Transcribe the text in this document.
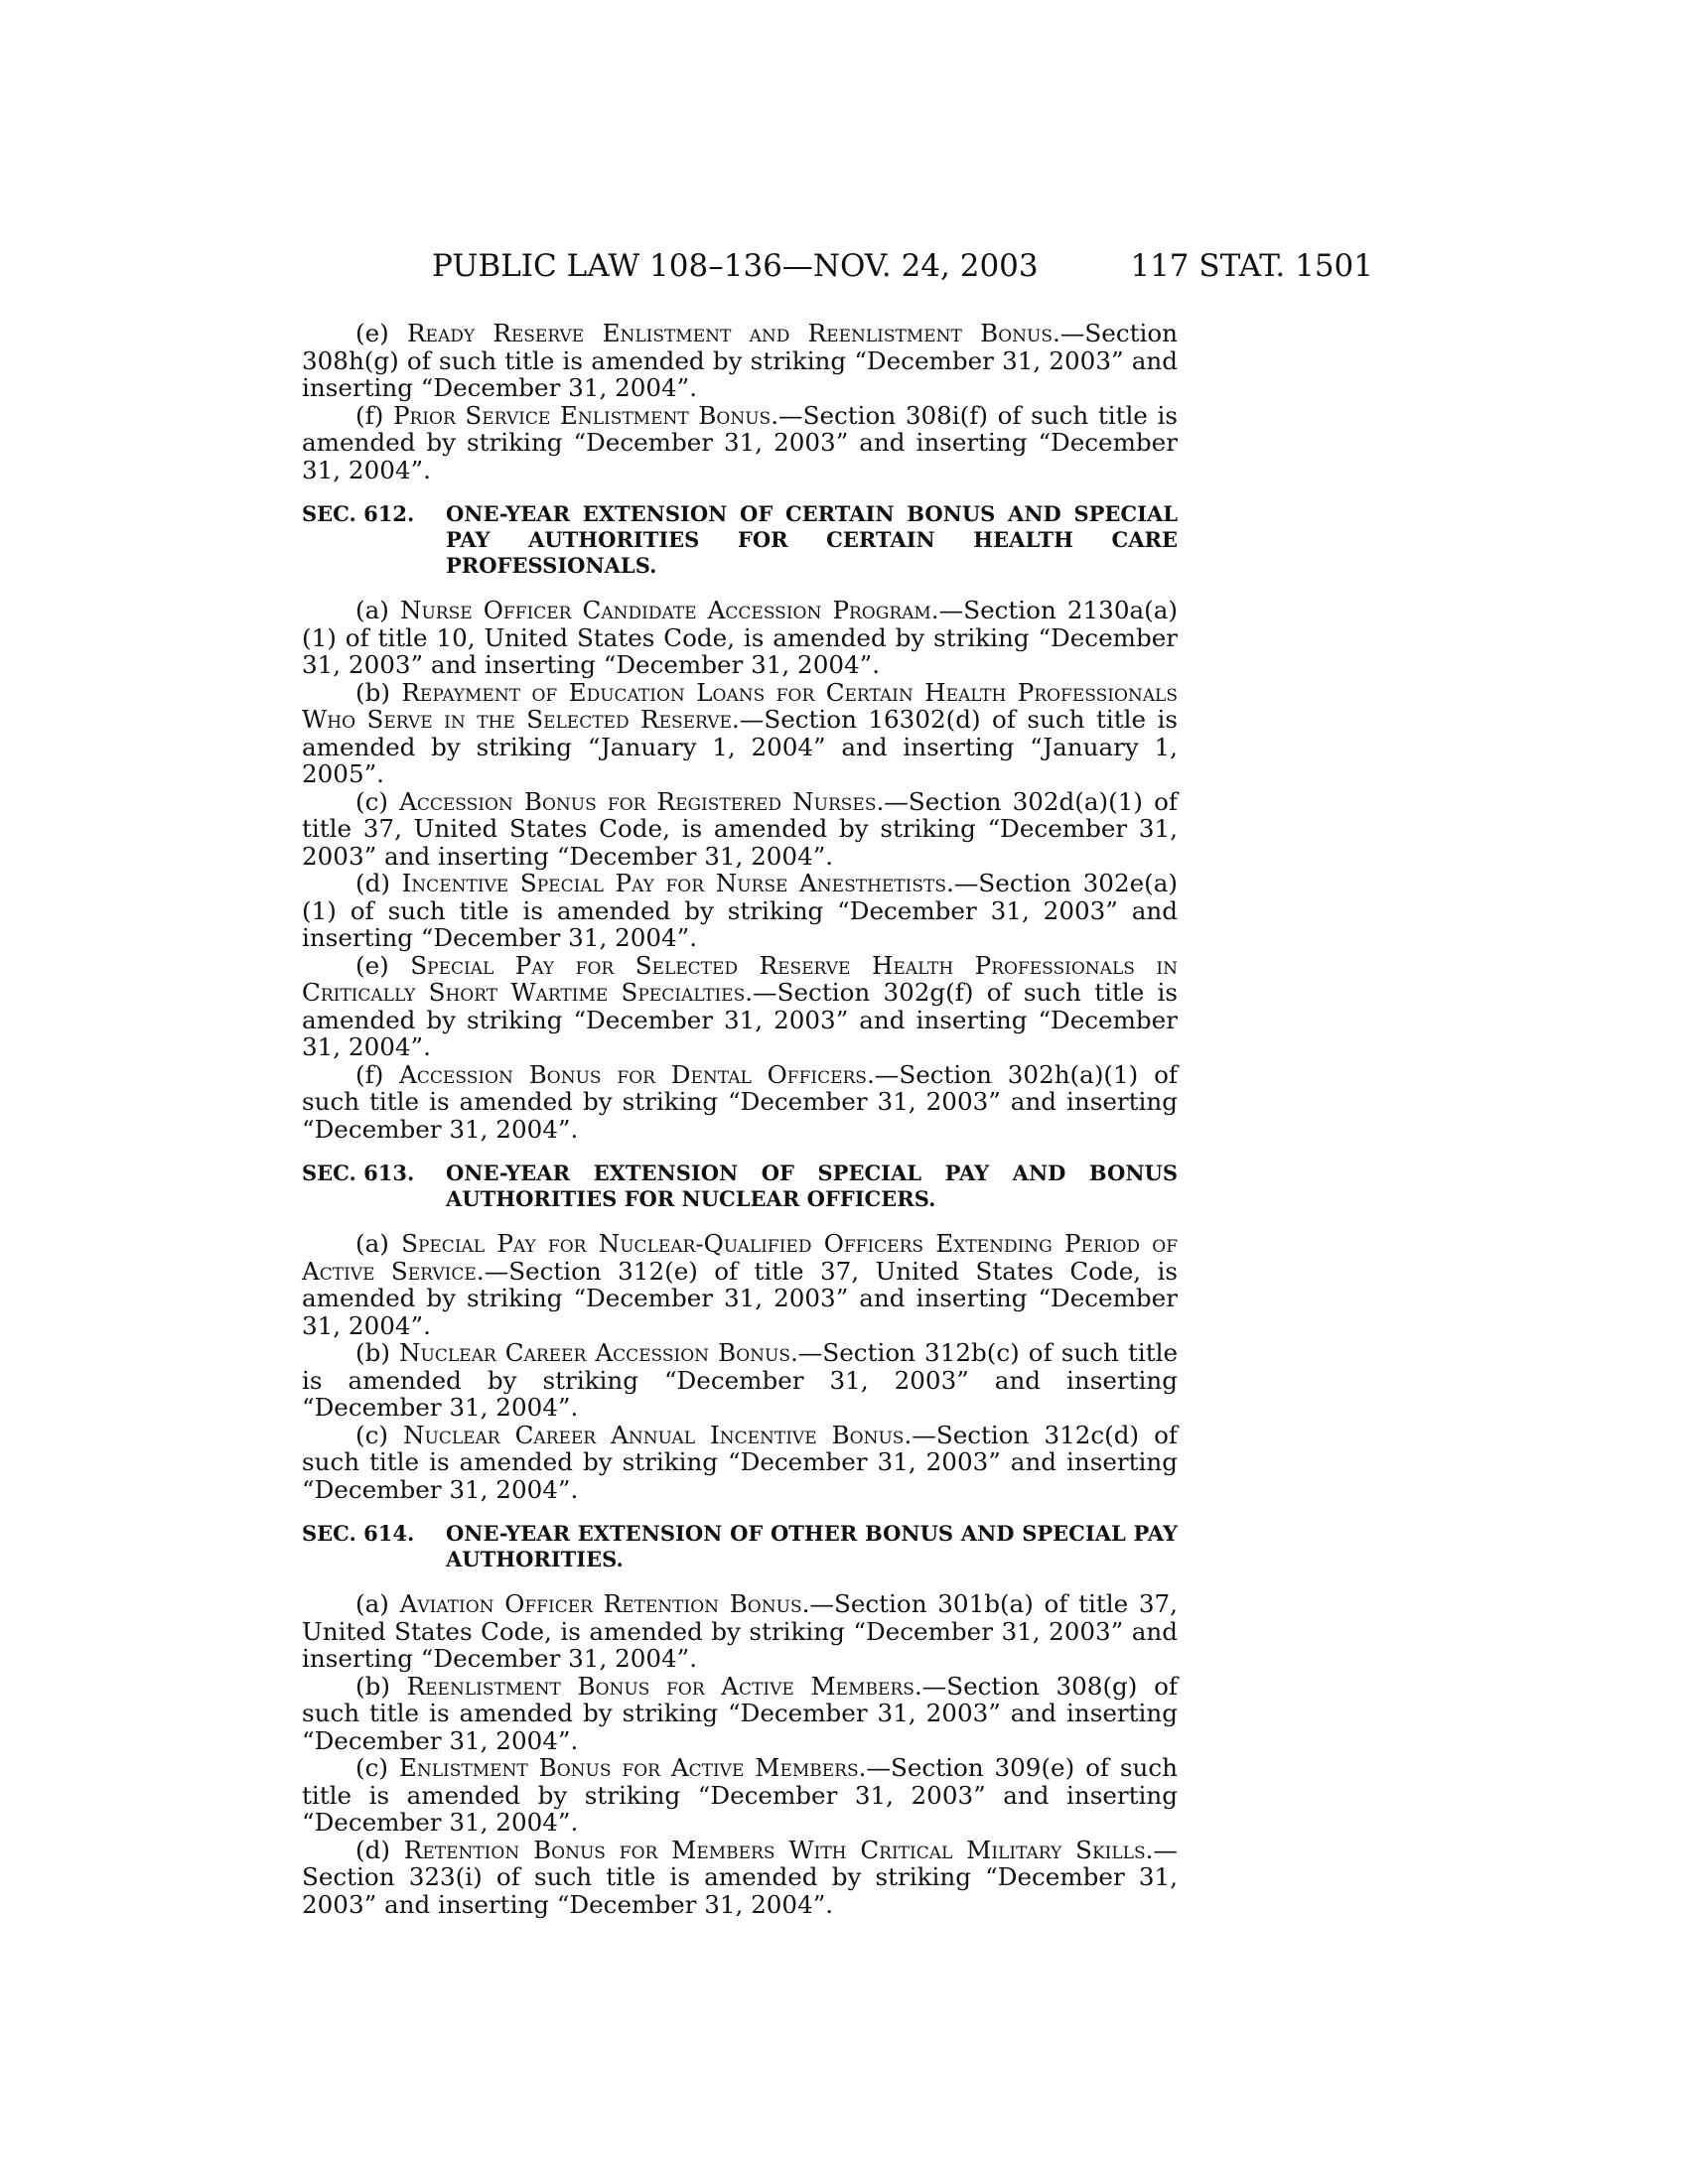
PUBLIC LAW 108–136—NOV. 24, 2003	117 STAT. 1501

(e) Ready Reserve Enlistment and Reenlistment Bonus.—Section 308h(g) of such title is amended by striking “December 31, 2003” and inserting “December 31, 2004”.

(f) Prior Service Enlistment Bonus.—Section 308i(f) of such title is amended by striking “December 31, 2003” and inserting “December 31, 2004”.

SEC. 612. ONE-YEAR EXTENSION OF CERTAIN BONUS AND SPECIAL PAY AUTHORITIES FOR CERTAIN HEALTH CARE PROFESSIONALS.

(a) Nurse Officer Candidate Accession Program.—Section 2130a(a)(1) of title 10, United States Code, is amended by striking “December 31, 2003” and inserting “December 31, 2004”.

(b) Repayment of Education Loans for Certain Health Professionals Who Serve in the Selected Reserve.—Section 16302(d) of such title is amended by striking “January 1, 2004” and inserting “January 1, 2005”.

(c) Accession Bonus for Registered Nurses.—Section 302d(a)(1) of title 37, United States Code, is amended by striking “December 31, 2003” and inserting “December 31, 2004”.

(d) Incentive Special Pay for Nurse Anesthetists.—Section 302e(a)(1) of such title is amended by striking “December 31, 2003” and inserting “December 31, 2004”.

(e) Special Pay for Selected Reserve Health Professionals in Critically Short Wartime Specialties.—Section 302g(f) of such title is amended by striking “December 31, 2003” and inserting “December 31, 2004”.

(f) Accession Bonus for Dental Officers.—Section 302h(a)(1) of such title is amended by striking “December 31, 2003” and inserting “December 31, 2004”.

SEC. 613. ONE-YEAR EXTENSION OF SPECIAL PAY AND BONUS AUTHORITIES FOR NUCLEAR OFFICERS.

(a) Special Pay for Nuclear-Qualified Officers Extending Period of Active Service.—Section 312(e) of title 37, United States Code, is amended by striking “December 31, 2003” and inserting “December 31, 2004”.

(b) Nuclear Career Accession Bonus.—Section 312b(c) of such title is amended by striking “December 31, 2003” and inserting “December 31, 2004”.

(c) Nuclear Career Annual Incentive Bonus.—Section 312c(d) of such title is amended by striking “December 31, 2003” and inserting “December 31, 2004”.

SEC. 614. ONE-YEAR EXTENSION OF OTHER BONUS AND SPECIAL PAY AUTHORITIES.

(a) Aviation Officer Retention Bonus.—Section 301b(a) of title 37, United States Code, is amended by striking “December 31, 2003” and inserting “December 31, 2004”.

(b) Reenlistment Bonus for Active Members.—Section 308(g) of such title is amended by striking “December 31, 2003” and inserting “December 31, 2004”.

(c) Enlistment Bonus for Active Members.—Section 309(e) of such title is amended by striking “December 31, 2003” and inserting “December 31, 2004”.

(d) Retention Bonus for Members With Critical Military Skills.—Section 323(i) of such title is amended by striking “December 31, 2003” and inserting “December 31, 2004”.
